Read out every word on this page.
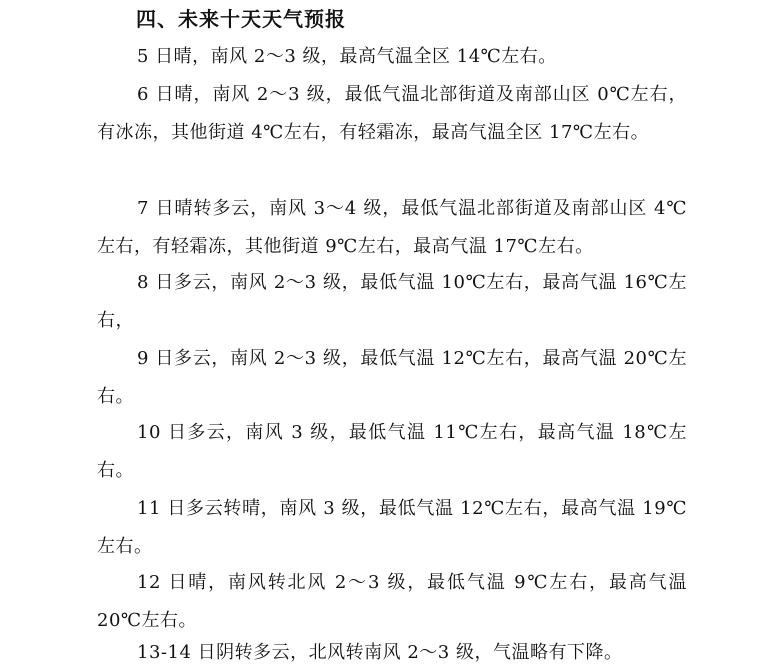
四、未来十天天气预报
5 日晴，南风 2～3 级，最高气温全区 14℃左右。
6 日晴，南风 2～3 级，最低气温北部街道及南部山区 0℃左右，有冰冻，其他街道 4℃左右，有轻霜冻，最高气温全区 17℃左右。
7 日晴转多云，南风 3～4 级，最低气温北部街道及南部山区 4℃左右，有轻霜冻，其他街道 9℃左右，最高气温 17℃左右。
8 日多云，南风 2～3 级，最低气温 10℃左右，最高气温 16℃左右，
9 日多云，南风 2～3 级，最低气温 12℃左右，最高气温 20℃左右。
10 日多云，南风 3 级，最低气温 11℃左右，最高气温 18℃左右。
11 日多云转晴，南风 3 级，最低气温 12℃左右，最高气温 19℃左右。
12 日晴，南风转北风 2～3 级，最低气温 9℃左右，最高气温 20℃左右。
13-14 日阴转多云，北风转南风 2～3 级，气温略有下降。
